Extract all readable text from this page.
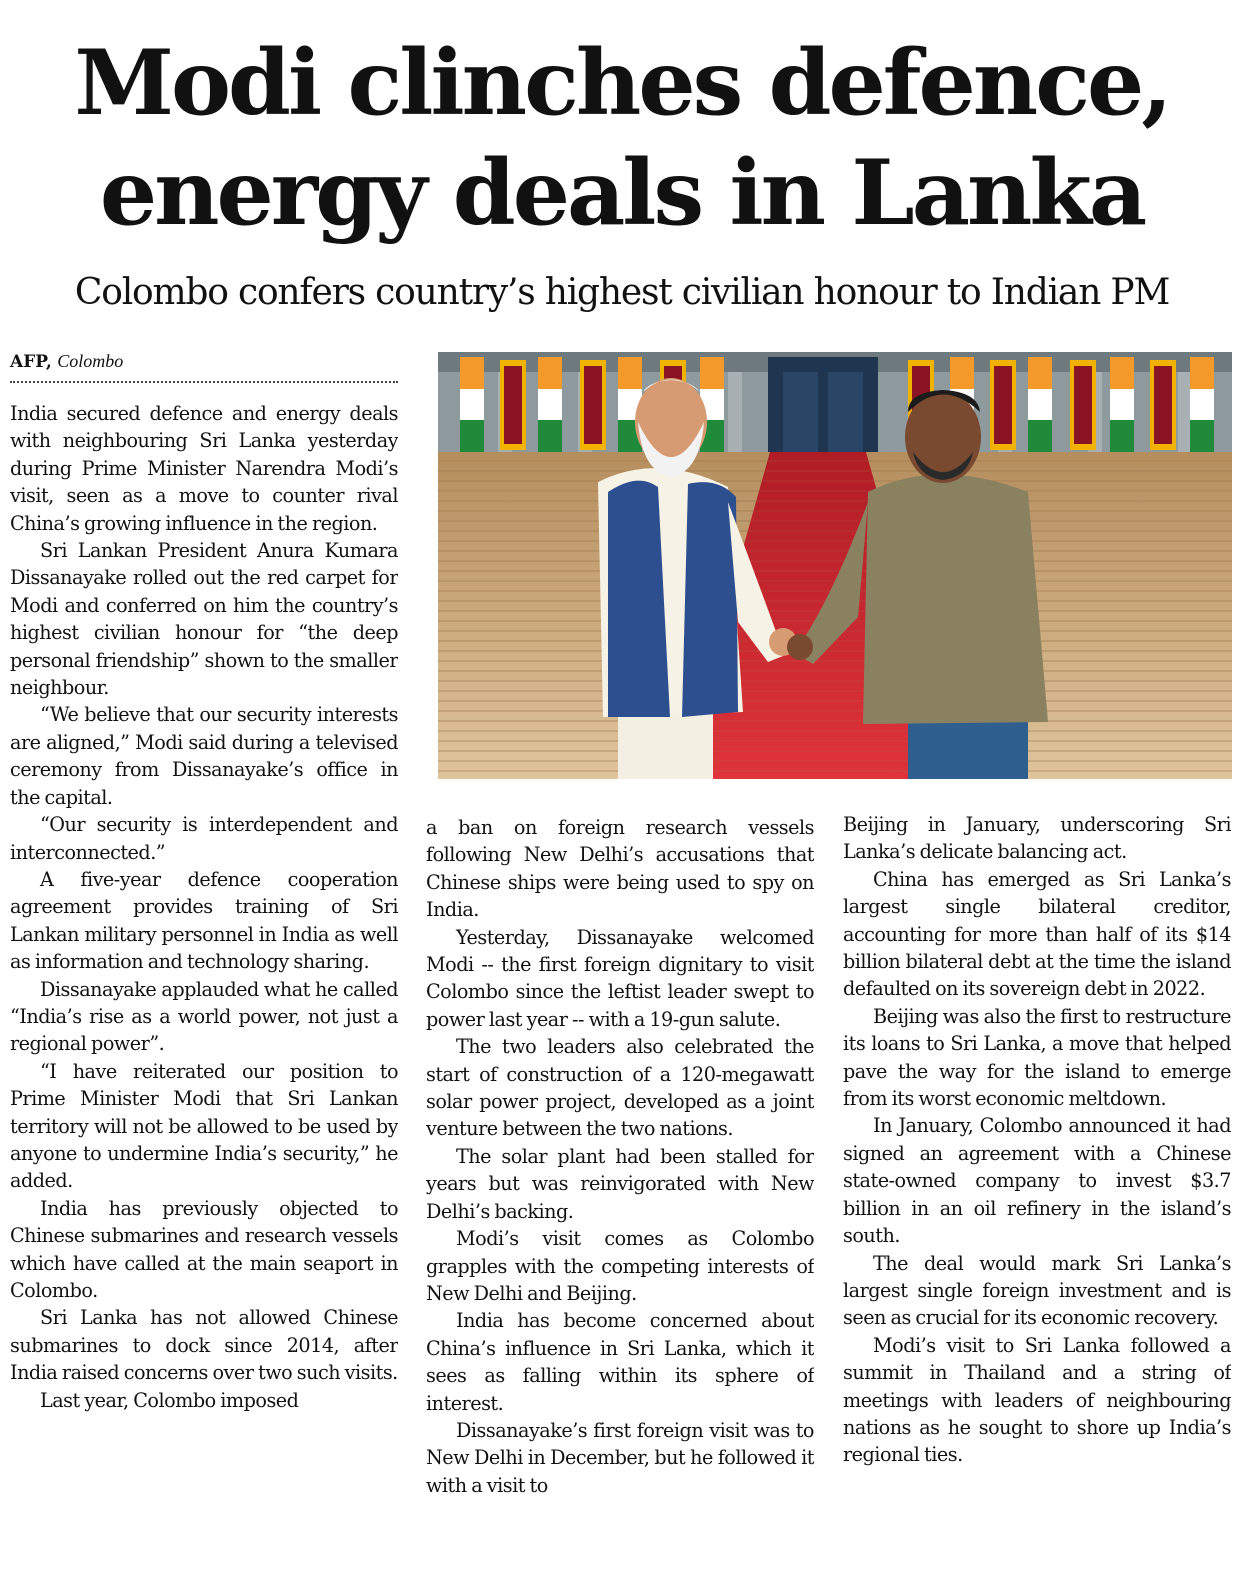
Modi clinches defence,
energy deals in Lanka
Colombo confers country’s highest civilian honour to Indian PM
AFP, Colombo

India secured defence and energy deals with neighbouring Sri Lanka yesterday during Prime Minister Narendra Modi’s visit, seen as a move to counter rival China’s growing influence in the region.

Sri Lankan President Anura Kumara Dissanayake rolled out the red carpet for Modi and conferred on him the country’s highest civilian honour for “the deep personal friendship” shown to the smaller neighbour.

“We believe that our security interests are aligned,” Modi said during a televised ceremony from Dissanayake’s office in the capital.

“Our security is interdependent and interconnected.”

A five-year defence cooperation agreement provides training of Sri Lankan military personnel in India as well as information and technology sharing.

Dissanayake applauded what he called “India’s rise as a world power, not just a regional power”.

“I have reiterated our position to Prime Minister Modi that Sri Lankan territory will not be allowed to be used by anyone to undermine India’s security,” he added.

India has previously objected to Chinese submarines and research vessels which have called at the main seaport in Colombo.

Sri Lanka has not allowed Chinese submarines to dock since 2014, after India raised concerns over two such visits.

Last year, Colombo imposed

a ban on foreign research vessels following New Delhi’s accusations that Chinese ships were being used to spy on India.

Yesterday, Dissanayake welcomed Modi -- the first foreign dignitary to visit Colombo since the leftist leader swept to power last year -- with a 19-gun salute.

The two leaders also celebrated the start of construction of a 120-megawatt solar power project, developed as a joint venture between the two nations.

The solar plant had been stalled for years but was reinvigorated with New Delhi’s backing.

Modi’s visit comes as Colombo grapples with the competing interests of New Delhi and Beijing.

India has become concerned about China’s influence in Sri Lanka, which it sees as falling within its sphere of interest.

Dissanayake’s first foreign visit was to New Delhi in December, but he followed it with a visit to

Beijing in January, underscoring Sri Lanka’s delicate balancing act.

China has emerged as Sri Lanka’s largest single bilateral creditor, accounting for more than half of its $14 billion bilateral debt at the time the island defaulted on its sovereign debt in 2022.

Beijing was also the first to restructure its loans to Sri Lanka, a move that helped pave the way for the island to emerge from its worst economic meltdown.

In January, Colombo announced it had signed an agreement with a Chinese state-owned company to invest $3.7 billion in an oil refinery in the island’s south.

The deal would mark Sri Lanka’s largest single foreign investment and is seen as crucial for its economic recovery.

Modi’s visit to Sri Lanka followed a summit in Thailand and a string of meetings with leaders of neighbouring nations as he sought to shore up India’s regional ties.
